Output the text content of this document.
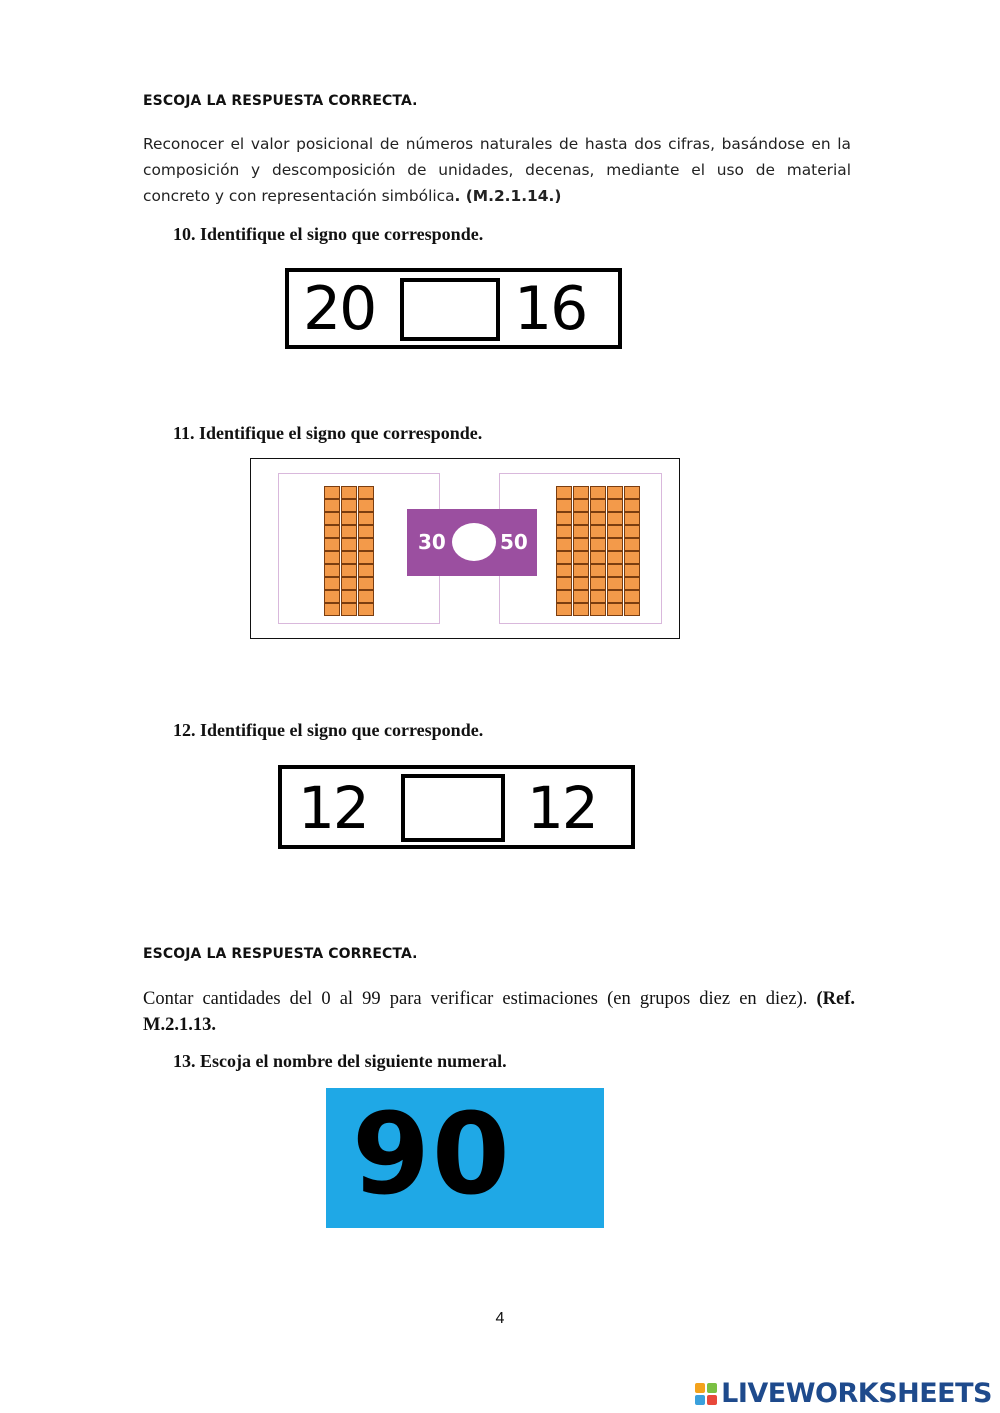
ESCOJA LA RESPUESTA CORRECTA.
Reconocer el valor posicional de números naturales de hasta dos cifras, basándose en la composición y descomposición de unidades, decenas, mediante el uso de material concreto y con representación simbólica. (M.2.1.14.)
10. Identifique el signo que corresponde.
20 16
11. Identifique el signo que corresponde.
30	50
12. Identifique el signo que corresponde.
12	12
ESCOJA LA RESPUESTA CORRECTA.
Contar cantidades del 0 al 99 para verificar estimaciones (en grupos diez en diez). (Ref. M.2.1.13.
13. Escoja el nombre del siguiente numeral.
90
4
LIVEWORKSHEETS
